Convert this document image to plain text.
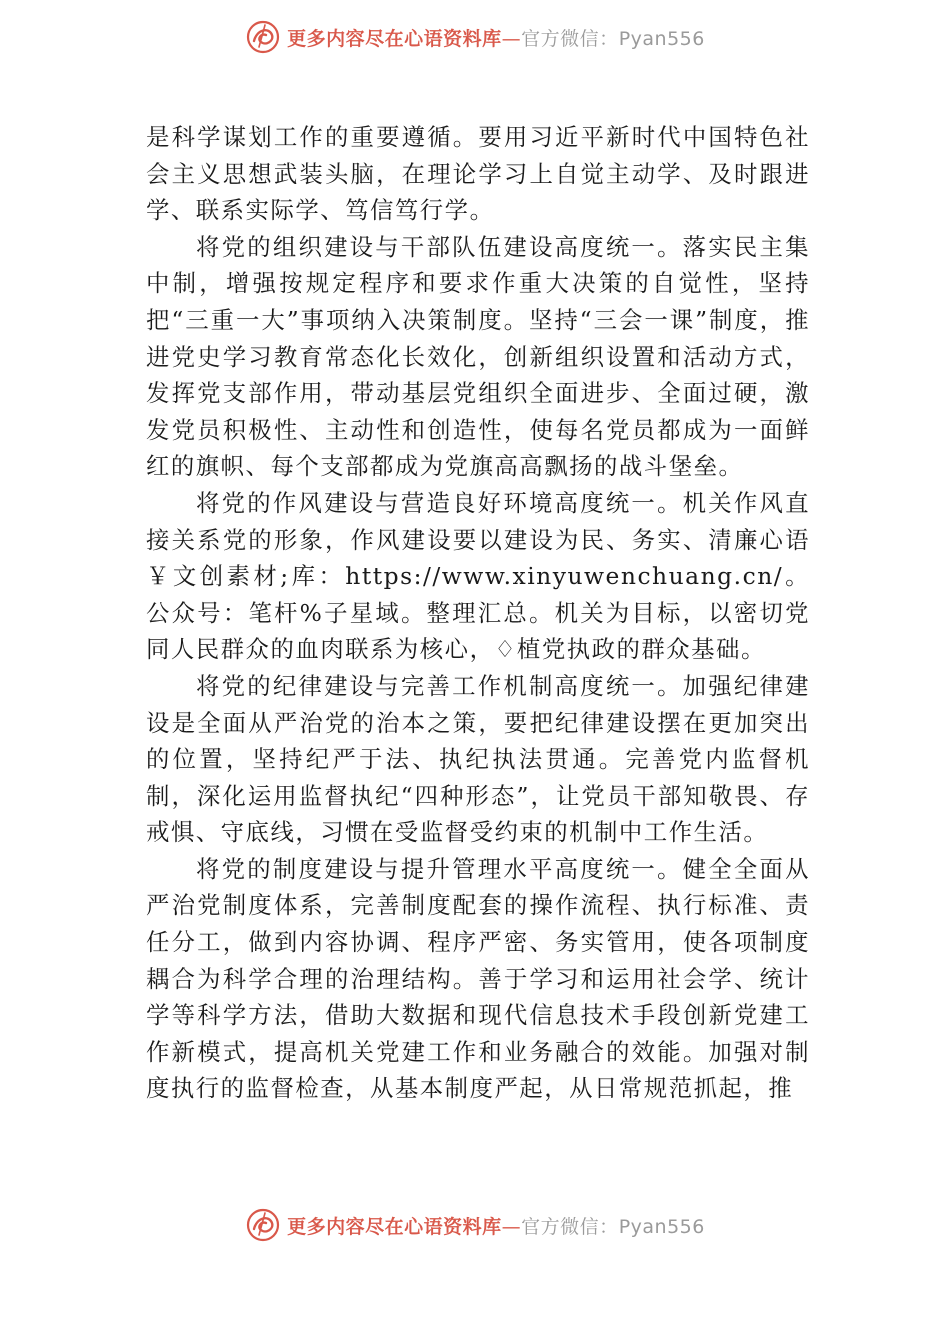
更多内容尽在心语资料库—官方微信：Pyan556

是科学谋划工作的重要遵循。要用习近平新时代中国特色社会主义思想武装头脑，在理论学习上自觉主动学、及时跟进学、联系实际学、笃信笃行学。

将党的组织建设与干部队伍建设高度统一。落实民主集中制，增强按规定程序和要求作重大决策的自觉性，坚持把“三重一大”事项纳入决策制度。坚持“三会一课”制度，推进党史学习教育常态化长效化，创新组织设置和活动方式，发挥党支部作用，带动基层党组织全面进步、全面过硬，激发党员积极性、主动性和创造性，使每名党员都成为一面鲜红的旗帜、每个支部都成为党旗高高飘扬的战斗堡垒。

将党的作风建设与营造良好环境高度统一。机关作风直接关系党的形象，作风建设要以建设为民、务实、清廉心语￥文创素材;库：https://www.xinyuwenchuang.cn/。公众号：笔杆%子星域。整理汇总。机关为目标，以密切党同人民群众的血肉联系为核心，♢植党执政的群众基础。

将党的纪律建设与完善工作机制高度统一。加强纪律建设是全面从严治党的治本之策，要把纪律建设摆在更加突出的位置，坚持纪严于法、执纪执法贯通。完善党内监督机制，深化运用监督执纪“四种形态”，让党员干部知敬畏、存戒惧、守底线，习惯在受监督受约束的机制中工作生活。

将党的制度建设与提升管理水平高度统一。健全全面从严治党制度体系，完善制度配套的操作流程、执行标准、责任分工，做到内容协调、程序严密、务实管用，使各项制度耦合为科学合理的治理结构。善于学习和运用社会学、统计学等科学方法，借助大数据和现代信息技术手段创新党建工作新模式，提高机关党建工作和业务融合的效能。加强对制度执行的监督检查，从基本制度严起，从日常规范抓起，推

更多内容尽在心语资料库—官方微信：Pyan556
